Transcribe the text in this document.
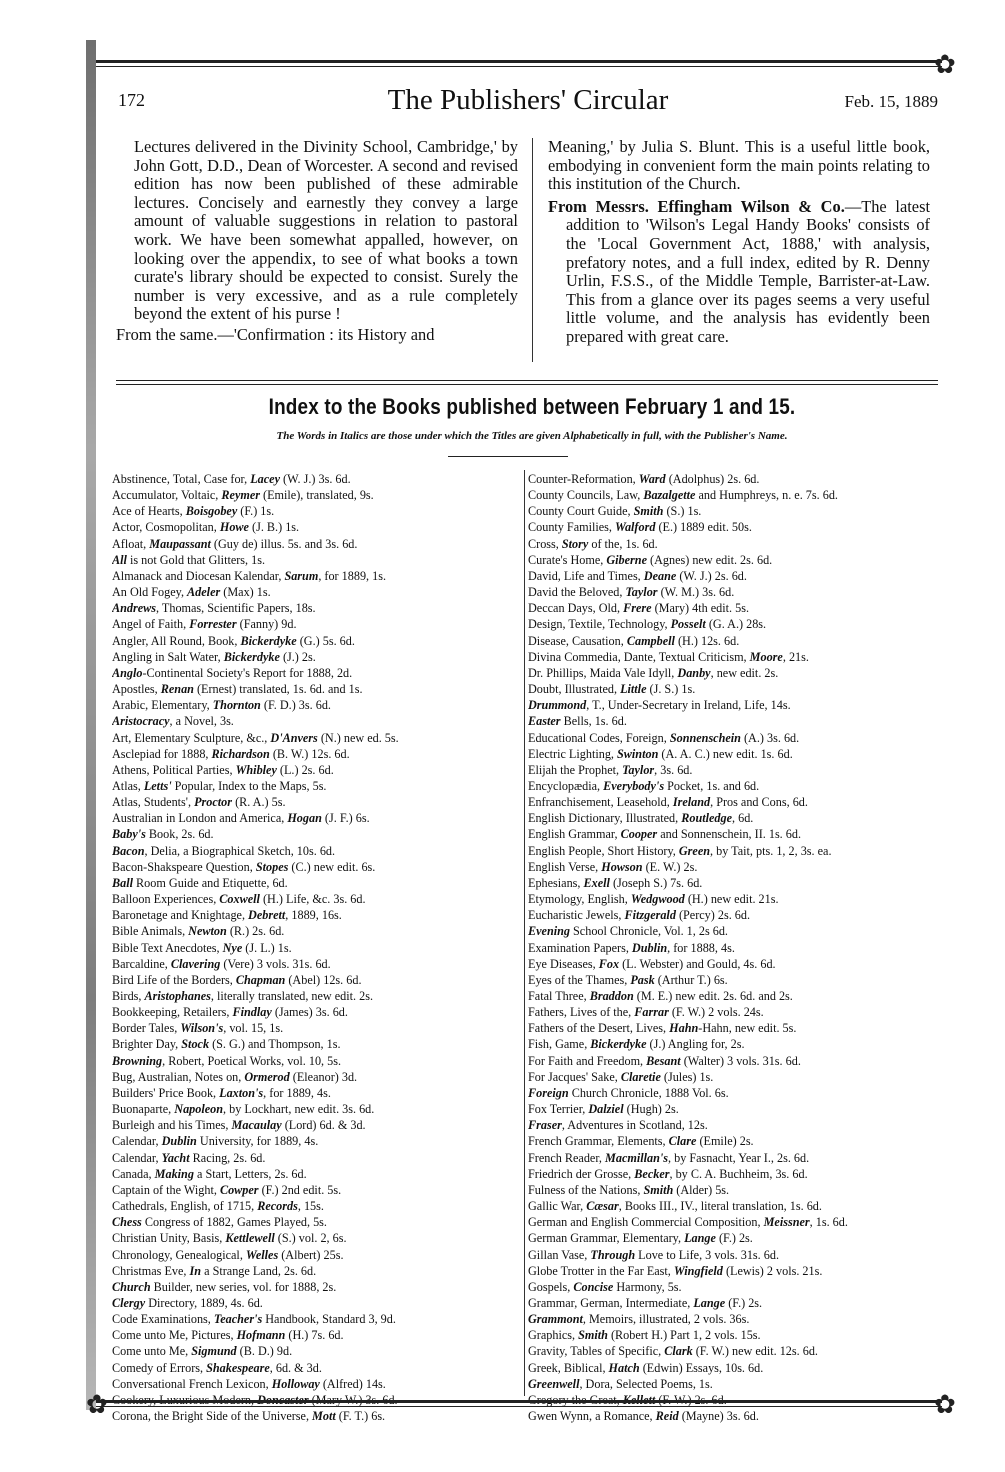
✿
172	The Publishers' Circular	Feb. 15, 1889

Lectures delivered in the Divinity School, Cambridge,' by John Gott, D.D., Dean of Worcester. A second and revised edition has now been published of these admirable lectures. Concisely and earnestly they convey a large amount of valuable suggestions in relation to pastoral work. We have been somewhat appalled, however, on looking over the appendix, to see of what books a town curate's library should be expected to consist. Surely the number is very excessive, and as a rule completely beyond the extent of his purse !

From the same.—'Confirmation : its History and

Meaning,' by Julia S. Blunt. This is a useful little book, embodying in convenient form the main points relating to this institution of the Church.

From Messrs. Effingham Wilson & Co.—The latest addition to 'Wilson's Legal Handy Books' consists of the 'Local Government Act, 1888,' with analysis, prefatory notes, and a full index, edited by R. Denny Urlin, F.S.S., of the Middle Temple, Barrister-at-Law. This from a glance over its pages seems a very useful little volume, and the analysis has evidently been prepared with great care.

Index to the Books published between February 1 and 15.
The Words in Italics are those under which the Titles are given Alphabetically in full, with the Publisher's Name.
Abstinence, Total, Case for, Lacey (W. J.) 3s. 6d.
Accumulator, Voltaic, Reymer (Emile), translated, 9s.
Ace of Hearts, Boisgobey (F.) 1s.
Actor, Cosmopolitan, Howe (J. B.) 1s.
Afloat, Maupassant (Guy de) illus. 5s. and 3s. 6d.
All is not Gold that Glitters, 1s.
Almanack and Diocesan Kalendar, Sarum, for 1889, 1s.
An Old Fogey, Adeler (Max) 1s.
Andrews, Thomas, Scientific Papers, 18s.
Angel of Faith, Forrester (Fanny) 9d.
Angler, All Round, Book, Bickerdyke (G.) 5s. 6d.
Angling in Salt Water, Bickerdyke (J.) 2s.
Anglo-Continental Society's Report for 1888, 2d.
Apostles, Renan (Ernest) translated, 1s. 6d. and 1s.
Arabic, Elementary, Thornton (F. D.) 3s. 6d.
Aristocracy, a Novel, 3s.
Art, Elementary Sculpture, &c., D'Anvers (N.) new ed. 5s.
Asclepiad for 1888, Richardson (B. W.) 12s. 6d.
Athens, Political Parties, Whibley (L.) 2s. 6d.
Atlas, Letts' Popular, Index to the Maps, 5s.
Atlas, Students', Proctor (R. A.) 5s.
Australian in London and America, Hogan (J. F.) 6s.
Baby's Book, 2s. 6d.
Bacon, Delia, a Biographical Sketch, 10s. 6d.
Bacon-Shakspeare Question, Stopes (C.) new edit. 6s.
Ball Room Guide and Etiquette, 6d.
Balloon Experiences, Coxwell (H.) Life, &c. 3s. 6d.
Baronetage and Knightage, Debrett, 1889, 16s.
Bible Animals, Newton (R.) 2s. 6d.
Bible Text Anecdotes, Nye (J. L.) 1s.
Barcaldine, Clavering (Vere) 3 vols. 31s. 6d.
Bird Life of the Borders, Chapman (Abel) 12s. 6d.
Birds, Aristophanes, literally translated, new edit. 2s.
Bookkeeping, Retailers, Findlay (James) 3s. 6d.
Border Tales, Wilson's, vol. 15, 1s.
Brighter Day, Stock (S. G.) and Thompson, 1s.
Browning, Robert, Poetical Works, vol. 10, 5s.
Bug, Australian, Notes on, Ormerod (Eleanor) 3d.
Builders' Price Book, Laxton's, for 1889, 4s.
Buonaparte, Napoleon, by Lockhart, new edit. 3s. 6d.
Burleigh and his Times, Macaulay (Lord) 6d. & 3d.
Calendar, Dublin University, for 1889, 4s.
Calendar, Yacht Racing, 2s. 6d.
Canada, Making a Start, Letters, 2s. 6d.
Captain of the Wight, Cowper (F.) 2nd edit. 5s.
Cathedrals, English, of 1715, Records, 15s.
Chess Congress of 1882, Games Played, 5s.
Christian Unity, Basis, Kettlewell (S.) vol. 2, 6s.
Chronology, Genealogical, Welles (Albert) 25s.
Christmas Eve, In a Strange Land, 2s. 6d.
Church Builder, new series, vol. for 1888, 2s.
Clergy Directory, 1889, 4s. 6d.
Code Examinations, Teacher's Handbook, Standard 3, 9d.
Come unto Me, Pictures, Hofmann (H.) 7s. 6d.
Come unto Me, Sigmund (B. D.) 9d.
Comedy of Errors, Shakespeare, 6d. & 3d.
Conversational French Lexicon, Holloway (Alfred) 14s.
Corona, the Bright Side of the Universe, Mott (F. T.) 6s.
Counter-Reformation, Ward (Adolphus) 2s. 6d.
County Councils, Law, Bazalgette and Humphreys, n. e. 7s. 6d.
County Court Guide, Smith (S.) 1s.
County Families, Walford (E.) 1889 edit. 50s.
Cross, Story of the, 1s. 6d.
Curate's Home, Giberne (Agnes) new edit. 2s. 6d.
David, Life and Times, Deane (W. J.) 2s. 6d.
David the Beloved, Taylor (W. M.) 3s. 6d.
Deccan Days, Old, Frere (Mary) 4th edit. 5s.
Design, Textile, Technology, Posselt (G. A.) 28s.
Disease, Causation, Campbell (H.) 12s. 6d.
Divina Commedia, Dante, Textual Criticism, Moore, 21s.
Dr. Phillips, Maida Vale Idyll, Danby, new edit. 2s.
Doubt, Illustrated, Little (J. S.) 1s.
Drummond, T., Under-Secretary in Ireland, Life, 14s.
Easter Bells, 1s. 6d.
Educational Codes, Foreign, Sonnenschein (A.) 3s. 6d.
Electric Lighting, Swinton (A. A. C.) new edit. 1s. 6d.
Elijah the Prophet, Taylor, 3s. 6d.
Encyclopædia, Everybody's Pocket, 1s. and 6d.
Enfranchisement, Leasehold, Ireland, Pros and Cons, 6d.
English Dictionary, Illustrated, Routledge, 6d.
English Grammar, Cooper and Sonnenschein, II. 1s. 6d.
English People, Short History, Green, by Tait, pts. 1, 2, 3s. ea.
English Verse, Howson (E. W.) 2s.
Ephesians, Exell (Joseph S.) 7s. 6d.
Etymology, English, Wedgwood (H.) new edit. 21s.
Eucharistic Jewels, Fitzgerald (Percy) 2s. 6d.
Evening School Chronicle, Vol. 1, 2s 6d.
Examination Papers, Dublin, for 1888, 4s.
Eye Diseases, Fox (L. Webster) and Gould, 4s. 6d.
Eyes of the Thames, Pask (Arthur T.) 6s.
Fatal Three, Braddon (M. E.) new edit. 2s. 6d. and 2s.
Fathers, Lives of the, Farrar (F. W.) 2 vols. 24s.
Fathers of the Desert, Lives, Hahn-Hahn, new edit. 5s.
Fish, Game, Bickerdyke (J.) Angling for, 2s.
For Faith and Freedom, Besant (Walter) 3 vols. 31s. 6d.
For Jacques' Sake, Claretie (Jules) 1s.
Foreign Church Chronicle, 1888 Vol. 6s.
Fox Terrier, Dalziel (Hugh) 2s.
Fraser, Adventures in Scotland, 12s.
French Grammar, Elements, Clare (Emile) 2s.
French Reader, Macmillan's, by Fasnacht, Year I., 2s. 6d.
Friedrich der Grosse, Becker, by C. A. Buchheim, 3s. 6d.
Fulness of the Nations, Smith (Alder) 5s.
Gallic War, Cæsar, Books III., IV., literal translation, 1s. 6d.
German and English Commercial Composition, Meissner, 1s. 6d.
German Grammar, Elementary, Lange (F.) 2s.
Gillan Vase, Through Love to Life, 3 vols. 31s. 6d.
Globe Trotter in the Far East, Wingfield (Lewis) 2 vols. 21s.
Gospels, Concise Harmony, 5s.
Grammar, German, Intermediate, Lange (F.) 2s.
Grammont, Memoirs, illustrated, 2 vols. 36s.
Graphics, Smith (Robert H.) Part 1, 2 vols. 15s.
Gravity, Tables of Specific, Clark (F. W.) new edit. 12s. 6d.
Greek, Biblical, Hatch (Edwin) Essays, 10s. 6d.
Greenwell, Dora, Selected Poems, 1s.
Gwen Wynn, a Romance, Reid (Mayne) 3s. 6d.
✿	✿
